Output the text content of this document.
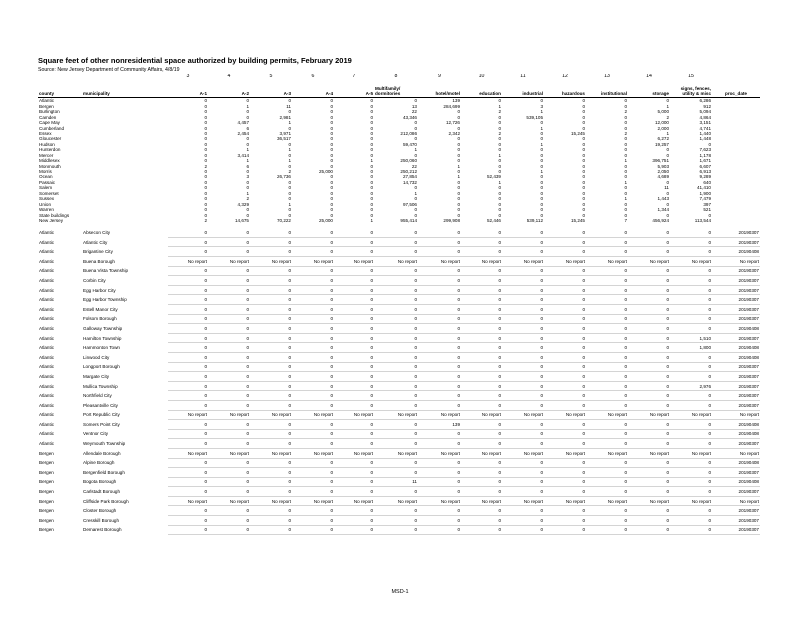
Square feet of other nonresidential space authorized by building permits, February 2019
Source: New Jersey Department of Community Affairs, 4/8/19
		3	4	5	6	7	8	9	10	11	12	13	14	15	
county	municipality	A-1	A-2	A-3	A-4	A-5	Multifamily/
dormitories	hotel/motel	education	industrial	hazardous	institutional	storage	signs, fences,
utility & misc	proc_date
Atlantic		0	0	0	0	0	0	139	0	0	0	0	0	6,286	
Bergen		0	1	11	0	0	13	284,699	1	3	0	0	1	912	
Burlington		0	0	0	0	0	22	0	2	1	0	2	5,000	5,094	
Camden		0	0	2,981	0	0	43,346	0	0	539,105	0	0	2	4,864	
Cape May		0	4,457	1	0	0	0	12,726	0	0	0	0	12,000	3,151	
Cumberland		0	6	0	0	0	0	0	0	1	0	0	2,000	4,741	
Essex		0	2,454	3,971	0	0	212,086	2,342	2	0	15,245	2	1	1,440	
Gloucester		0	0	36,517	0	0	0	0	0	0	0	0	6,272	1,448	
Hudson		0	0	0	0	0	59,470	0	0	1	0	0	19,257	0	
Hunterdon		0	1	1	0	0	1	0	0	0	0	0	0	7,623	
Mercer		0	3,414	0	0	0	0	0	1	0	0	0	0	1,178	
Middlesex		0	1	1	0	1	250,060	0	0	0	0	1	396,751	1,671	
Monmouth		2	6	0	0	0	22	1	0	0	0	0	5,903	6,607	
Morris		0	0	2	25,000	0	250,212	0	0	1	0	0	2,050	6,913	
Ocean		0	3	26,736	0	0	27,854	1	52,439	0	0	0	4,689	9,289	
Passaic		0	0	0	0	0	14,732	0	1	0	0	1	0	640	
Salem		0	0	0	0	0	0	0	0	0	0	0	11	41,410	
Somerset		0	1	0	0	0	1	0	0	0	0	0	0	1,900	
Sussex		0	2	0	0	0	0	0	0	0	0	1	1,443	7,479	
Union		0	4,329	1	0	0	97,506	0	0	0	0	0	0	397	
Warren		0	0	0	0	0	0	0	0	0	0	0	1,344	521	
State buildings		0	0	0	0	0	0	0	0	0	0	0	0	0	
New Jersey		2	14,675	70,222	25,000	1	955,414	299,908	52,446	539,112	15,245	7	456,924	113,544	

Atlantic	Absecon City	0	0	0	0	0	0	0	0	0	0	0	0	0	20190307
Atlantic	Atlantic City	0	0	0	0	0	0	0	0	0	0	0	0	0	20190307
Atlantic	Brigantine City	0	0	0	0	0	0	0	0	0	0	0	0	0	20190408
Atlantic	Buena Borough	No report	No report	No report	No report	No report	No report	No report	No report	No report	No report	No report	No report	No report	No report
Atlantic	Buena Vista Township	0	0	0	0	0	0	0	0	0	0	0	0	0	20190307
Atlantic	Corbin City	0	0	0	0	0	0	0	0	0	0	0	0	0	20190307
Atlantic	Egg Harbor City	0	0	0	0	0	0	0	0	0	0	0	0	0	20190307
Atlantic	Egg Harbor Township	0	0	0	0	0	0	0	0	0	0	0	0	0	20190307
Atlantic	Estell Manor City	0	0	0	0	0	0	0	0	0	0	0	0	0	20190307
Atlantic	Folsom Borough	0	0	0	0	0	0	0	0	0	0	0	0	0	20190307
Atlantic	Galloway Township	0	0	0	0	0	0	0	0	0	0	0	0	0	20190408
Atlantic	Hamilton Township	0	0	0	0	0	0	0	0	0	0	0	0	1,510	20190307
Atlantic	Hammonton Town	0	0	0	0	0	0	0	0	0	0	0	0	1,800	20190408
Atlantic	Linwood City	0	0	0	0	0	0	0	0	0	0	0	0	0	20190408
Atlantic	Longport Borough	0	0	0	0	0	0	0	0	0	0	0	0	0	20190307
Atlantic	Margate City	0	0	0	0	0	0	0	0	0	0	0	0	0	20190307
Atlantic	Mullica Township	0	0	0	0	0	0	0	0	0	0	0	0	2,976	20190307
Atlantic	Northfield City	0	0	0	0	0	0	0	0	0	0	0	0	0	20190307
Atlantic	Pleasantville City	0	0	0	0	0	0	0	0	0	0	0	0	0	20190307
Atlantic	Port Republic City	No report	No report	No report	No report	No report	No report	No report	No report	No report	No report	No report	No report	No report	No report
Atlantic	Somers Point City	0	0	0	0	0	0	139	0	0	0	0	0	0	20190408
Atlantic	Ventnor City	0	0	0	0	0	0	0	0	0	0	0	0	0	20190408
Atlantic	Weymouth Township	0	0	0	0	0	0	0	0	0	0	0	0	0	20190307
Bergen	Allendale Borough	No report	No report	No report	No report	No report	No report	No report	No report	No report	No report	No report	No report	No report	No report
Bergen	Alpine Borough	0	0	0	0	0	0	0	0	0	0	0	0	0	20190408
Bergen	Bergenfield Borough	0	0	0	0	0	0	0	0	0	0	0	0	0	20190307
Bergen	Bogota Borough	0	0	0	0	0	11	0	0	0	0	0	0	0	20190408
Bergen	Carlstadt Borough	0	0	0	0	0	0	0	0	0	0	0	0	0	20190307
Bergen	Cliffside Park Borough	No report	No report	No report	No report	No report	No report	No report	No report	No report	No report	No report	No report	No report	No report
Bergen	Closter Borough	0	0	0	0	0	0	0	0	0	0	0	0	0	20190307
Bergen	Cresskill Borough	0	0	0	0	0	0	0	0	0	0	0	0	0	20190307
Bergen	Demarest Borough	0	0	0	0	0	0	0	0	0	0	0	0	0	20190307
MSD-1
